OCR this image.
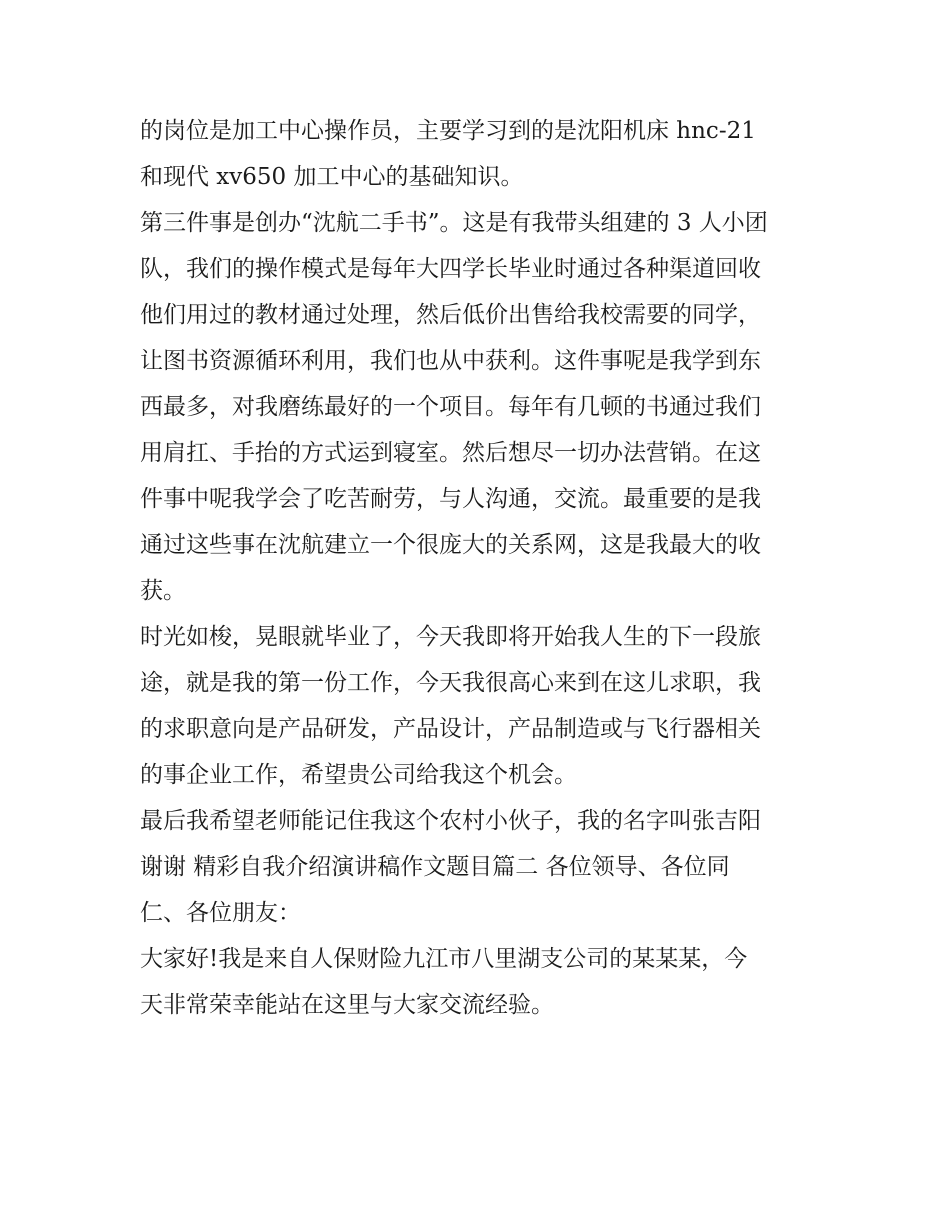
的岗位是加工中心操作员，主要学习到的是沈阳机床 hnc-21
和现代 xv650 加工中心的基础知识。
第三件事是创办“沈航二手书”。这是有我带头组建的 3 人小团
队，我们的操作模式是每年大四学长毕业时通过各种渠道回收
他们用过的教材通过处理，然后低价出售给我校需要的同学，
让图书资源循环利用，我们也从中获利。这件事呢是我学到东
西最多，对我磨练最好的一个项目。每年有几顿的书通过我们
用肩扛、手抬的方式运到寝室。然后想尽一切办法营销。在这
件事中呢我学会了吃苦耐劳，与人沟通，交流。最重要的是我
通过这些事在沈航建立一个很庞大的关系网，这是我最大的收
获。
时光如梭，晃眼就毕业了，今天我即将开始我人生的下一段旅
途，就是我的第一份工作，今天我很高心来到在这儿求职，我
的求职意向是产品研发，产品设计，产品制造或与飞行器相关
的事企业工作，希望贵公司给我这个机会。
最后我希望老师能记住我这个农村小伙子，我的名字叫张吉阳
谢谢 精彩自我介绍演讲稿作文题目篇二 各位领导、各位同
仁、各位朋友：
大家好!我是来自人保财险九江市八里湖支公司的某某某，今
天非常荣幸能站在这里与大家交流经验。
